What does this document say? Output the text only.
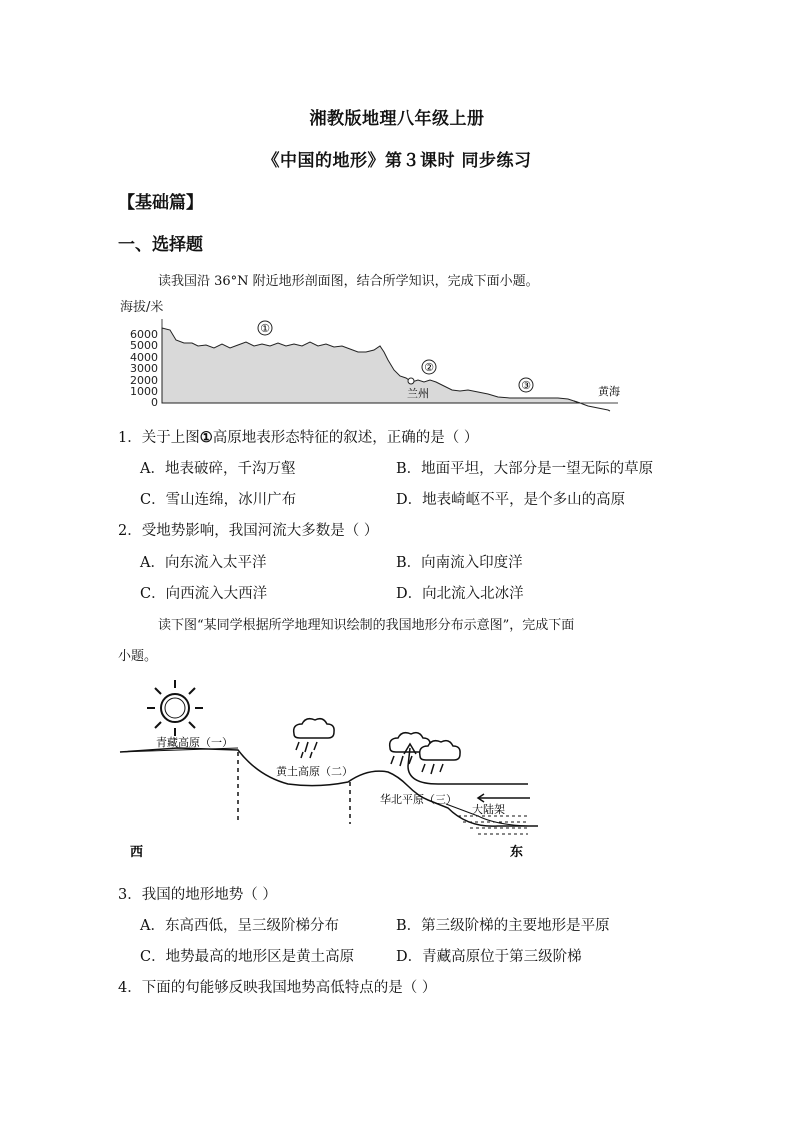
湘教版地理八年级上册
《中国的地形》第３课时 同步练习
【基础篇】
一、选择题
读我国沿 36°N 附近地形剖面图，结合所学知识，完成下面小题。
海拔/米
6000
5000
4000
3000
2000
1000
0
①
②
③
兰州	黄海
1．关于上图①高原地表形态特征的叙述，正确的是（ ）
A．地表破碎，千沟万壑	B．地面平坦，大部分是一望无际的草原
C．雪山连绵，冰川广布	D．地表崎岖不平，是个多山的高原
2．受地势影响，我国河流大多数是（ ）
A．向东流入太平洋	B．向南流入印度洋
C．向西流入大西洋	D．向北流入北冰洋
读下图“某同学根据所学地理知识绘制的我国地形分布示意图”，完成下面
小题。
青藏高原（一）
黄土高原（二）
华北平原（三）
大陆架
西	东
3．我国的地形地势（ ）
A．东高西低，呈三级阶梯分布	B．第三级阶梯的主要地形是平原
C．地势最高的地形区是黄土高原	D．青藏高原位于第三级阶梯
4．下面的句能够反映我国地势高低特点的是（ ）
